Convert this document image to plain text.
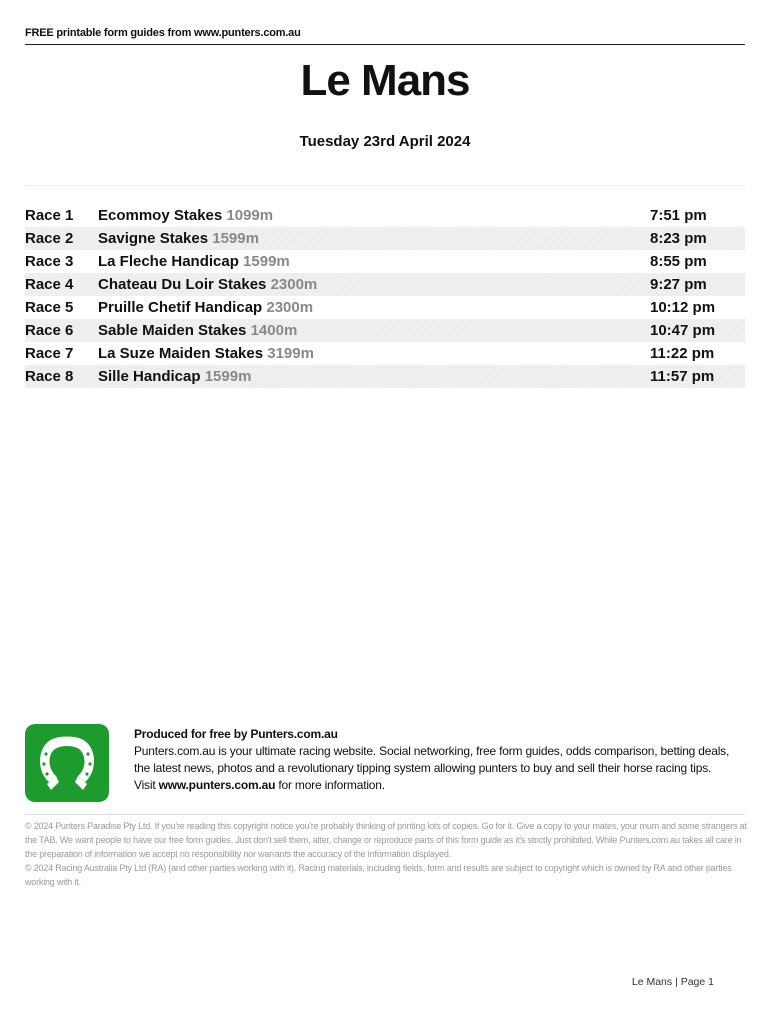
FREE printable form guides from www.punters.com.au
Le Mans
Tuesday 23rd April 2024
Race 1 Ecommoy Stakes 1099m	7:51 pm
Race 2 Savigne Stakes 1599m	8:23 pm
Race 3 La Fleche Handicap 1599m	8:55 pm
Race 4 Chateau Du Loir Stakes 2300m	9:27 pm
Race 5 Pruille Chetif Handicap 2300m	10:12 pm
Race 6 Sable Maiden Stakes 1400m	10:47 pm
Race 7 La Suze Maiden Stakes 3199m	11:22 pm
Race 8 Sille Handicap 1599m	11:57 pm
Produced for free by Punters.com.au
Punters.com.au is your ultimate racing website. Social networking, free form guides, odds comparison, betting deals, the latest news, photos and a revolutionary tipping system allowing punters to buy and sell their horse racing tips.
Visit www.punters.com.au for more information.
© 2024 Punters Paradise Pty Ltd. If you're reading this copyright notice you're probably thinking of printing lots of copies. Go for it. Give a copy to your mates, your mum and some strangers at the TAB. We want people to have our free form guides. Just don't sell them, alter, change or reproduce parts of this form guide as it's strictly prohibited. While Punters.com.au takes all care in the preparation of information we accept no responsibility nor warrants the accuracy of the information displayed.
© 2024 Racing Australia Pty Ltd (RA) (and other parties working with it). Racing materials, including fields, form and results are subject to copyright which is owned by RA and other parties working with it.
Le Mans | Page 1
